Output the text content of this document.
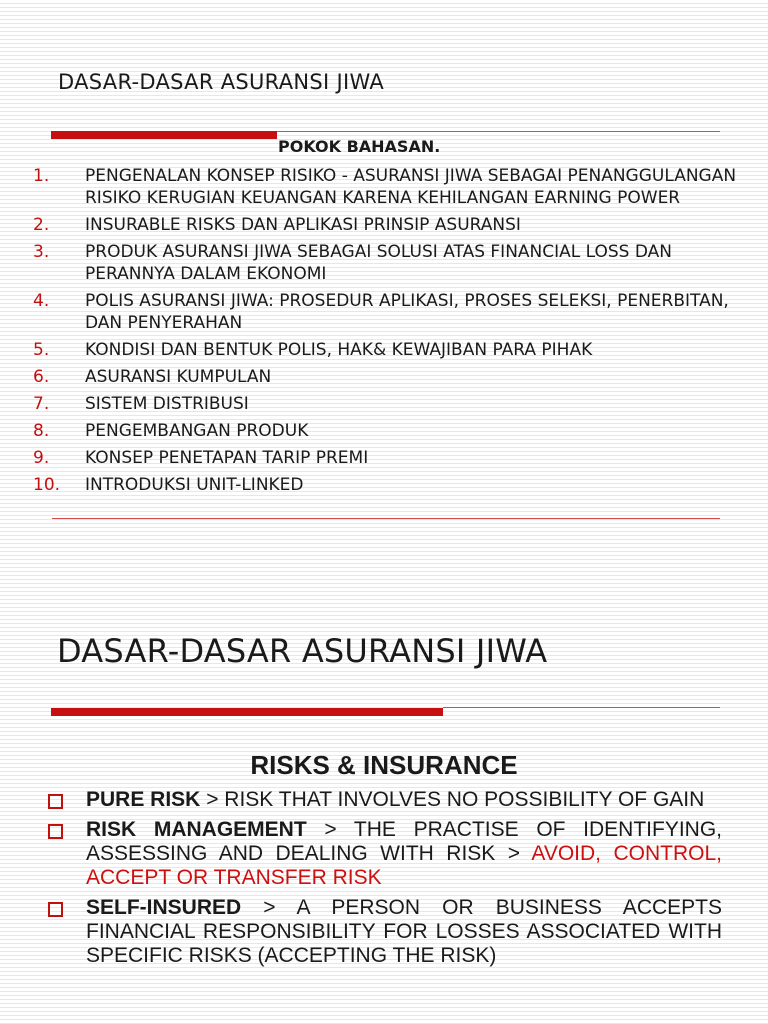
DASAR-DASAR ASURANSI JIWA
POKOK BAHASAN.
1. PENGENALAN KONSEP RISIKO - ASURANSI JIWA SEBAGAI PENANGGULANGAN RISIKO KERUGIAN KEUANGAN KARENA KEHILANGAN EARNING POWER
2. INSURABLE RISKS DAN APLIKASI PRINSIP ASURANSI
3. PRODUK ASURANSI JIWA SEBAGAI SOLUSI ATAS FINANCIAL LOSS DAN PERANNYA DALAM EKONOMI
4. POLIS ASURANSI JIWA: PROSEDUR APLIKASI, PROSES SELEKSI, PENERBITAN, DAN PENYERAHAN
5. KONDISI DAN BENTUK POLIS, HAK& KEWAJIBAN PARA PIHAK
6. ASURANSI KUMPULAN
7. SISTEM DISTRIBUSI
8. PENGEMBANGAN PRODUK
9. KONSEP PENETAPAN TARIP PREMI
10. INTRODUKSI UNIT-LINKED
DASAR-DASAR ASURANSI JIWA
RISKS & INSURANCE
PURE RISK > RISK THAT INVOLVES NO POSSIBILITY OF GAIN
RISK MANAGEMENT > THE PRACTISE OF IDENTIFYING, ASSESSING AND DEALING WITH RISK > AVOID, CONTROL, ACCEPT OR TRANSFER RISK
SELF-INSURED > A PERSON OR BUSINESS ACCEPTS FINANCIAL RESPONSIBILITY FOR LOSSES ASSOCIATED WITH SPECIFIC RISKS (ACCEPTING THE RISK)
